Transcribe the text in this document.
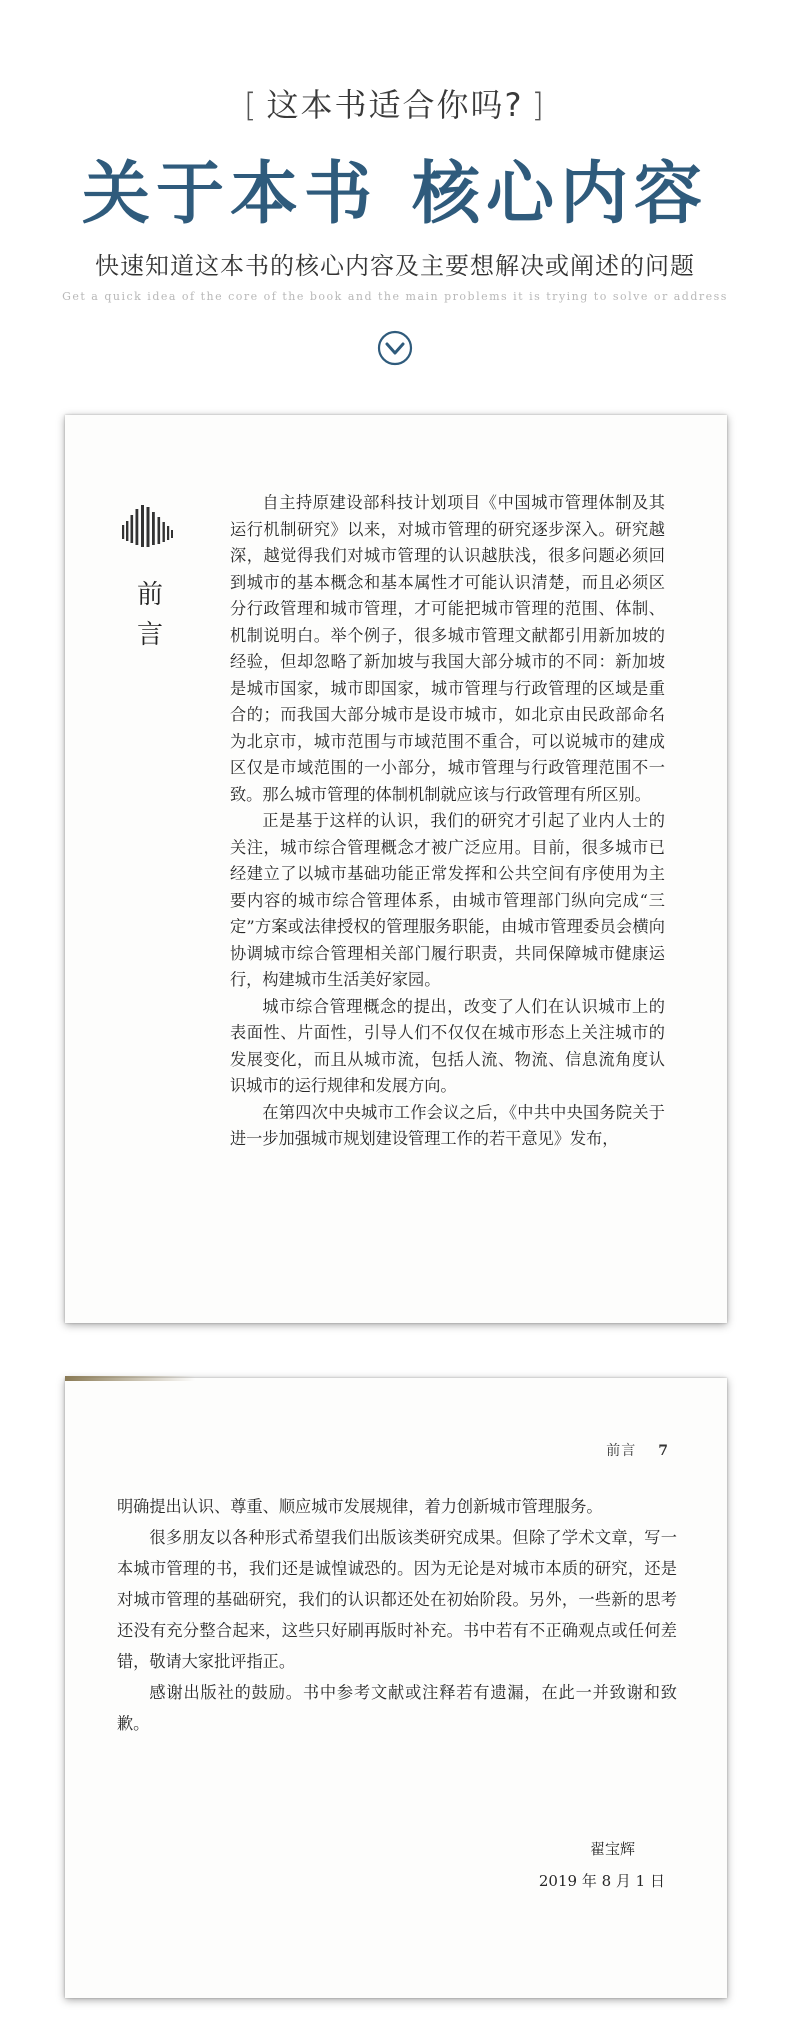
[ 这本书适合你吗? ]
关于本书 核心内容
快速知道这本书的核心内容及主要想解决或阐述的问题
Get a quick idea of the core of the book and the main problems it is trying to solve or address
前
言

自主持原建设部科技计划项目《中国城市管理体制及其运行机制研究》以来，对城市管理的研究逐步深入。研究越深，越觉得我们对城市管理的认识越肤浅，很多问题必须回到城市的基本概念和基本属性才可能认识清楚，而且必须区分行政管理和城市管理，才可能把城市管理的范围、体制、机制说明白。举个例子，很多城市管理文献都引用新加坡的经验，但却忽略了新加坡与我国大部分城市的不同：新加坡是城市国家，城市即国家，城市管理与行政管理的区域是重合的；而我国大部分城市是设市城市，如北京由民政部命名为北京市，城市范围与市域范围不重合，可以说城市的建成区仅是市域范围的一小部分，城市管理与行政管理范围不一致。那么城市管理的体制机制就应该与行政管理有所区别。

正是基于这样的认识，我们的研究才引起了业内人士的关注，城市综合管理概念才被广泛应用。目前，很多城市已经建立了以城市基础功能正常发挥和公共空间有序使用为主要内容的城市综合管理体系，由城市管理部门纵向完成“三定”方案或法律授权的管理服务职能，由城市管理委员会横向协调城市综合管理相关部门履行职责，共同保障城市健康运行，构建城市生活美好家园。

城市综合管理概念的提出，改变了人们在认识城市上的表面性、片面性，引导人们不仅仅在城市形态上关注城市的发展变化，而且从城市流，包括人流、物流、信息流角度认识城市的运行规律和发展方向。

在第四次中央城市工作会议之后，《中共中央国务院关于进一步加强城市规划建设管理工作的若干意见》发布，

前言 7

明确提出认识、尊重、顺应城市发展规律，着力创新城市管理服务。

很多朋友以各种形式希望我们出版该类研究成果。但除了学术文章，写一本城市管理的书，我们还是诚惶诚恐的。因为无论是对城市本质的研究，还是对城市管理的基础研究，我们的认识都还处在初始阶段。另外，一些新的思考还没有充分整合起来，这些只好刷再版时补充。书中若有不正确观点或任何差错，敬请大家批评指正。

感谢出版社的鼓励。书中参考文献或注释若有遗漏，在此一并致谢和致歉。

翟宝辉
2019 年 8 月 1 日
